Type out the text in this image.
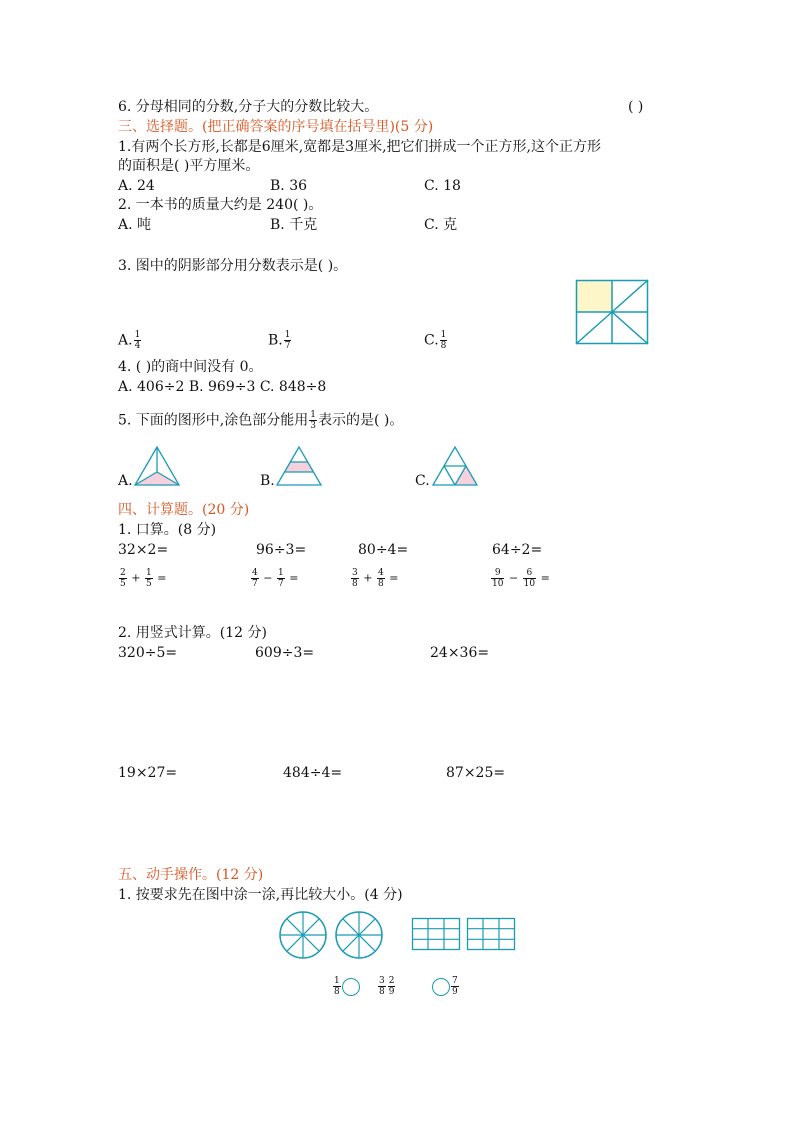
6. 分母相同的分数,分子大的分数比较大。	( )
三、选择题。(把正确答案的序号填在括号里)(5 分)
1.有两个长方形,长都是6厘米,宽都是3厘米,把它们拼成一个正方形,这个正方形
的面积是( )平方厘米。
A. 24	B. 36	C. 18
2. 一本书的质量大约是 240( )。
A. 吨	B. 千克	C. 克
3. 图中的阴影部分用分数表示是( )。
A. $\frac{1}{4}$	B. $\frac{1}{7}$	C. $\frac{1}{8}$
4. ( )的商中间没有 0。
A. 406÷2 B. 969÷3 C. 848÷8
5. 下面的图形中,涂色部分能用 $\frac{1}{3}$ 表示的是( )。
A.	B.	C.
四、计算题。(20 分)
1. 口算。(8 分)
32×2=	96÷3=	80÷4=	64÷2=
$\frac{2}{5} + \frac{1}{5}$ =	$\frac{4}{7} - \frac{1}{7}$ =	$\frac{3}{8} + \frac{4}{8}$ =	$\frac{9}{10} - \frac{6}{10}$ =
2. 用竖式计算。(12 分)
320÷5=	609÷3=	24×36=
19×27=	484÷4=	87×25=
五、动手操作。(12 分)
1. 按要求先在图中涂一涂,再比较大小。(4 分)
$\frac{1}{8}$	$\frac{3}{8} \frac{2}{9}$	$\frac{7}{9}$
